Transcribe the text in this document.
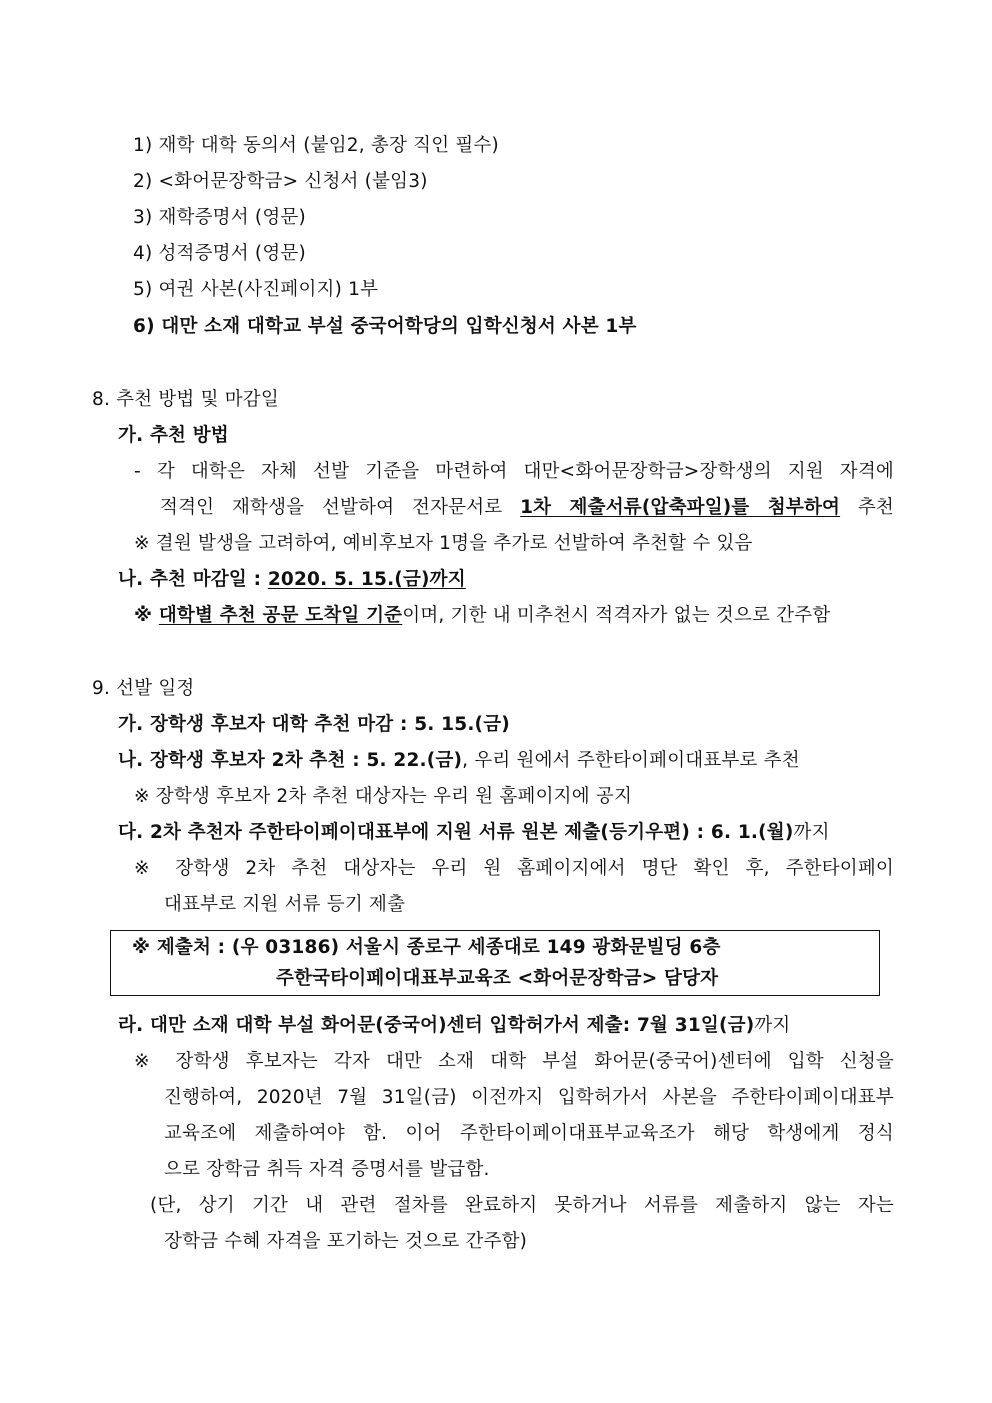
1) 재학 대학 동의서 (붙임2, 총장 직인 필수)
2) <화어문장학금> 신청서 (붙임3)
3) 재학증명서 (영문)
4) 성적증명서 (영문)
5) 여권 사본(사진페이지) 1부
6) 대만 소재 대학교 부설 중국어학당의 입학신청서 사본 1부
8. 추천 방법 및 마감일
가. 추천 방법
- 각 대학은 자체 선발 기준을 마련하여 대만<화어문장학금>장학생의 지원 자격에
적격인 재학생을 선발하여 전자문서로 1차 제출서류(압축파일)를 첨부하여 추천
※ 결원 발생을 고려하여, 예비후보자 1명을 추가로 선발하여 추천할 수 있음
나. 추천 마감일 : 2020. 5. 15.(금)까지
※ 대학별 추천 공문 도착일 기준이며, 기한 내 미추천시 적격자가 없는 것으로 간주함
9. 선발 일정
가. 장학생 후보자 대학 추천 마감 : 5. 15.(금)
나. 장학생 후보자 2차 추천 : 5. 22.(금), 우리 원에서 주한타이페이대표부로 추천
※ 장학생 후보자 2차 추천 대상자는 우리 원 홈페이지에 공지
다. 2차 추천자 주한타이페이대표부에 지원 서류 원본 제출(등기우편) : 6. 1.(월)까지
※ 장학생 2차 추천 대상자는 우리 원 홈페이지에서 명단 확인 후, 주한타이페이
대표부로 지원 서류 등기 제출
※ 제출처 : (우 03186) 서울시 종로구 세종대로 149 광화문빌딩 6층
주한국타이페이대표부교육조 <화어문장학금> 담당자
라. 대만 소재 대학 부설 화어문(중국어)센터 입학허가서 제출: 7월 31일(금)까지
※ 장학생 후보자는 각자 대만 소재 대학 부설 화어문(중국어)센터에 입학 신청을
진행하여, 2020년 7월 31일(금) 이전까지 입학허가서 사본을 주한타이페이대표부
교육조에 제출하여야 함. 이어 주한타이페이대표부교육조가 해당 학생에게 정식
으로 장학금 취득 자격 증명서를 발급함.
(단, 상기 기간 내 관련 절차를 완료하지 못하거나 서류를 제출하지 않는 자는
장학금 수혜 자격을 포기하는 것으로 간주함)
